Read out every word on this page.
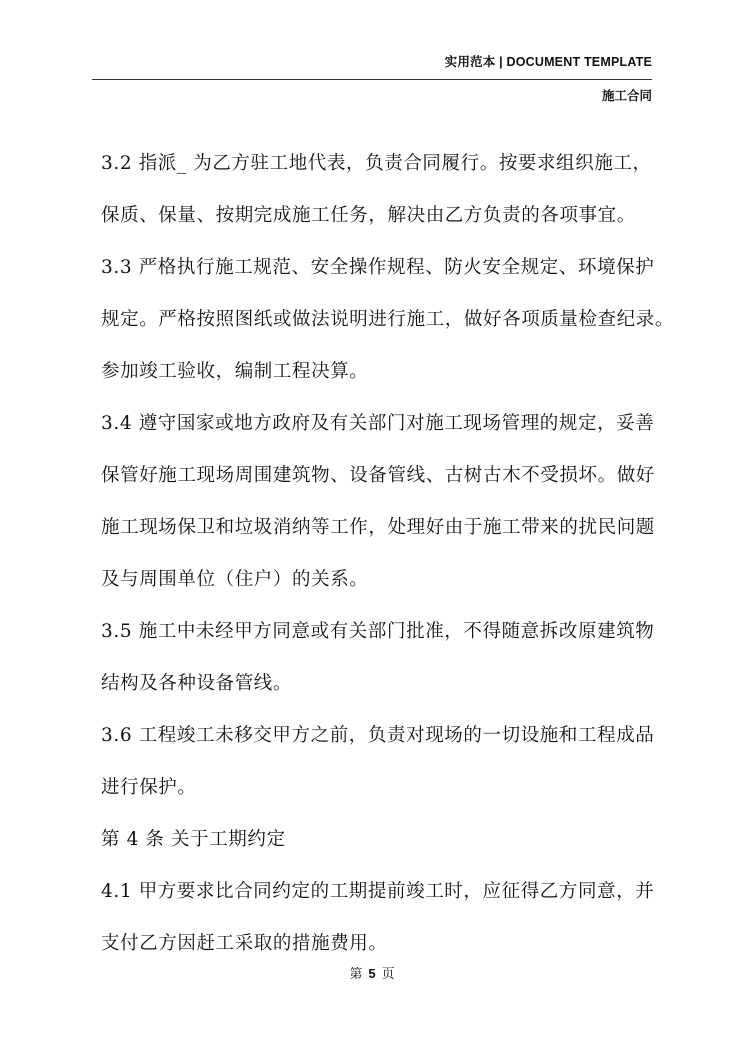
实用范本 | DOCUMENT TEMPLATE
施工合同
3.2 指派_ 为乙方驻工地代表，负责合同履行。按要求组织施工，
保质、保量、按期完成施工任务，解决由乙方负责的各项事宜。
3.3 严格执行施工规范、安全操作规程、防火安全规定、环境保护
规定。严格按照图纸或做法说明进行施工，做好各项质量检查纪录。
参加竣工验收，编制工程决算。
3.4 遵守国家或地方政府及有关部门对施工现场管理的规定，妥善
保管好施工现场周围建筑物、设备管线、古树古木不受损坏。做好
施工现场保卫和垃圾消纳等工作，处理好由于施工带来的扰民问题
及与周围单位（住户）的关系。
3.5 施工中未经甲方同意或有关部门批准，不得随意拆改原建筑物
结构及各种设备管线。
3.6 工程竣工未移交甲方之前，负责对现场的一切设施和工程成品
进行保护。
第 4 条 关于工期约定
4.1 甲方要求比合同约定的工期提前竣工时，应征得乙方同意，并
支付乙方因赶工采取的措施费用。
第 5 页
